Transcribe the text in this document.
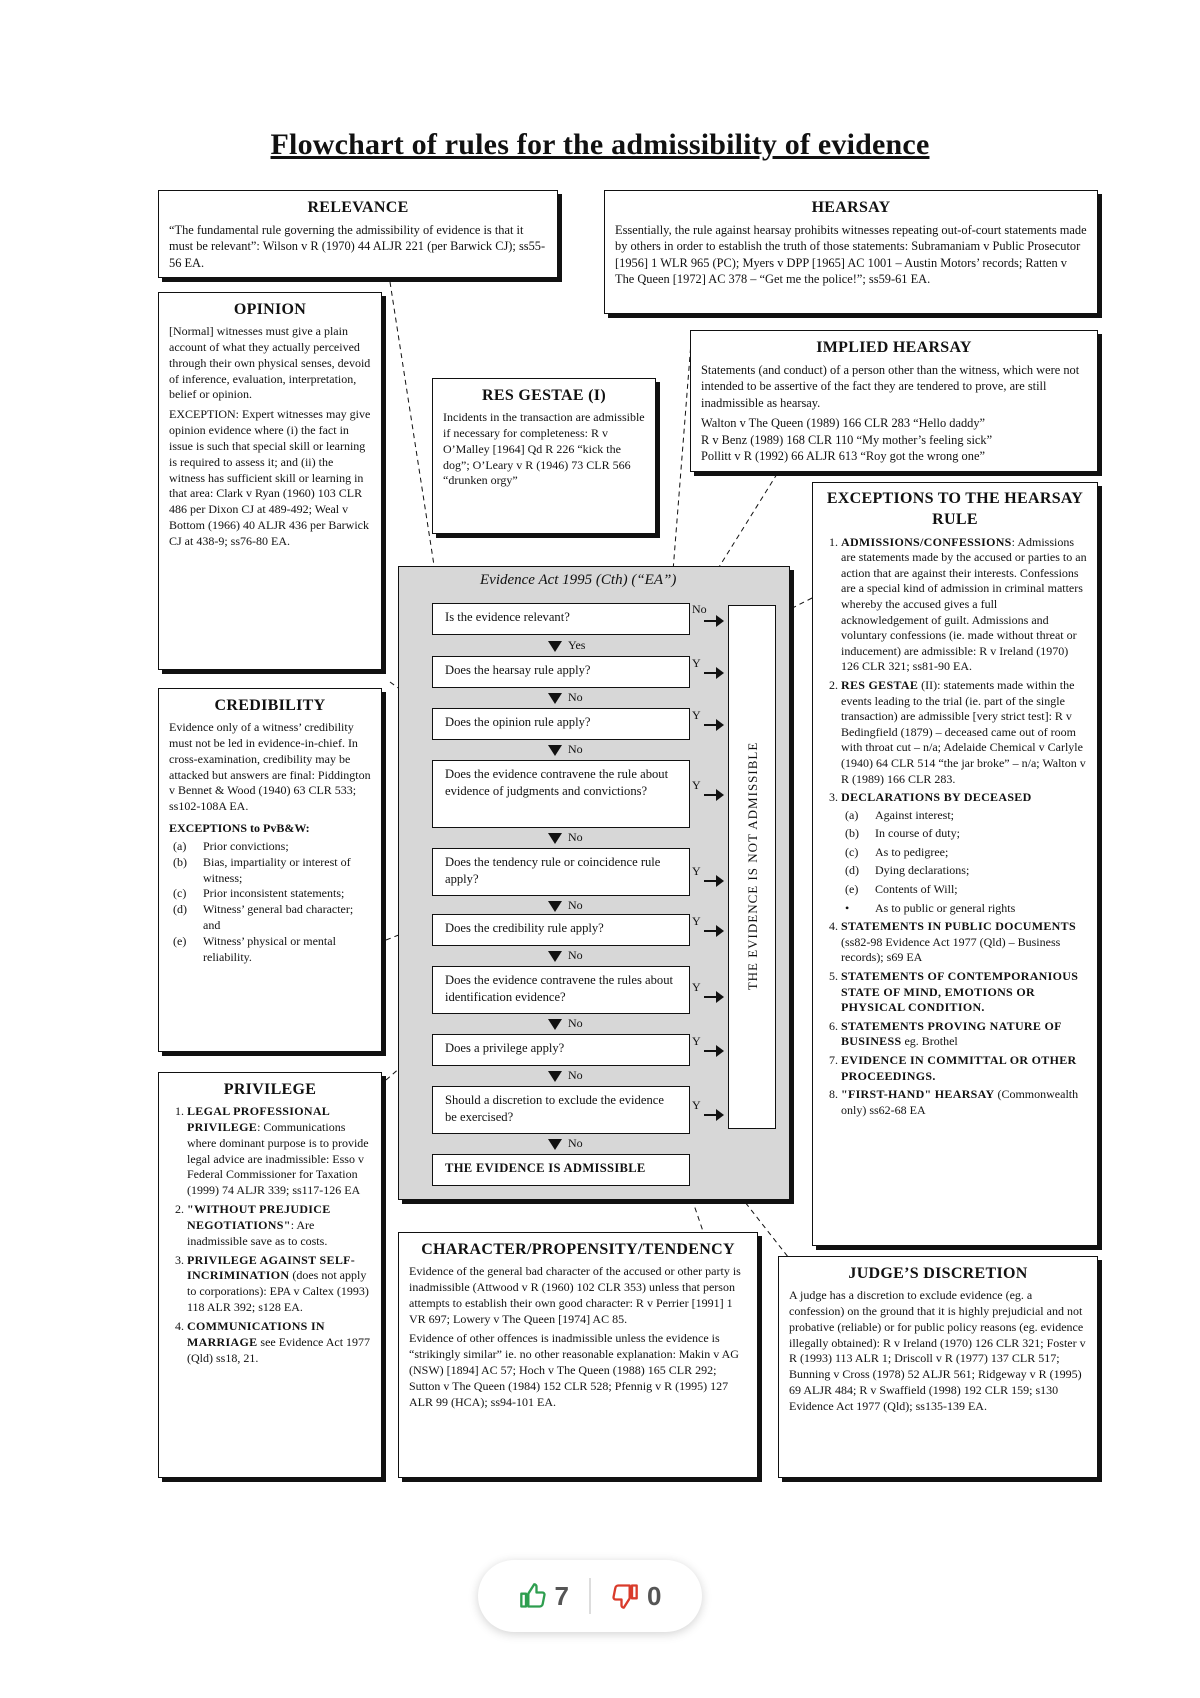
Flowchart of rules for the admissibility of evidence
RELEVANCE

“The fundamental rule governing the admissibility of evidence is that it must be relevant”: Wilson v R (1970) 44 ALJR 221 (per Barwick CJ); ss55-56 EA.

HEARSAY

Essentially, the rule against hearsay prohibits witnesses repeating out-of-court statements made by others in order to establish the truth of those statements: Subramaniam v Public Prosecutor [1956] 1 WLR 965 (PC); Myers v DPP [1965] AC 1001 – Austin Motors’ records; Ratten v The Queen [1972] AC 378 – “Get me the police!”; ss59-61 EA.

OPINION

[Normal] witnesses must give a plain account of what they actually perceived through their own physical senses, devoid of inference, evaluation, interpretation, belief or opinion.

EXCEPTION: Expert witnesses may give opinion evidence where (i) the fact in issue is such that special skill or learning is required to assess it; and (ii) the witness has sufficient skill or learning in that area: Clark v Ryan (1960) 103 CLR 486 per Dixon CJ at 489-492; Weal v Bottom (1966) 40 ALJR 436 per Barwick CJ at 438-9; ss76-80 EA.

RES GESTAE (I)

Incidents in the transaction are admissible if necessary for completeness: R v O’Malley [1964] Qd R 226 “kick the dog”; O’Leary v R (1946) 73 CLR 566 “drunken orgy”

IMPLIED HEARSAY

Statements (and conduct) of a person other than the witness, which were not intended to be assertive of the fact they are tendered to prove, are still inadmissible as hearsay.

Walton v The Queen (1989) 166 CLR 283 “Hello daddy”
R v Benz (1989) 168 CLR 110 “My mother’s feeling sick”
Pollitt v R (1992) 66 ALJR 613 “Roy got the wrong one”
Evidence Act 1995 (Cth) (“EA”)
THE EVIDENCE IS NOT ADMISSIBLE
Is the evidence relevant?
No
Yes
Does the hearsay rule apply?	Y
No
Does the opinion rule apply?	Y
No
Does the evidence contravene the rule about evidence of judgments and convictions?	Y
No
Does the tendency rule or coincidence rule apply?
Y
No
Does the credibility rule apply?	Y
No
Does the evidence contravene the rules about identification evidence?
Y
No
Does a privilege apply?	Y
No
Should a discretion to exclude the evidence be exercised?
Y
No
THE EVIDENCE IS ADMISSIBLE
EXCEPTIONS TO THE HEARSAY RULE
1. ADMISSIONS/CONFESSIONS: Admissions are statements made by the accused or parties to an action that are against their interests. Confessions are a special kind of admission in criminal matters whereby the accused gives a full acknowledgement of guilt. Admissions and voluntary confessions (ie. made without threat or inducement) are admissible: R v Ireland (1970) 126 CLR 321; ss81-90 EA.
2. RES GESTAE (II): statements made within the events leading to the trial (ie. part of the single transaction) are admissible [very strict test]: R v Bedingfield (1879) – deceased came out of room with throat cut – n/a; Adelaide Chemical v Carlyle (1940) 64 CLR 514 “the jar broke” – n/a; Walton v R (1989) 166 CLR 283.
3. DECLARATIONS BY DECEASED
(a)	Against interest;
(b)	In course of duty;
(c)	As to pedigree;
(d)	Dying declarations;
(e)	Contents of Will;
•	As to public or general rights
4. STATEMENTS IN PUBLIC DOCUMENTS (ss82-98 Evidence Act 1977 (Qld) – Business records); s69 EA
5. STATEMENTS OF CONTEMPORANIOUS STATE OF MIND, EMOTIONS OR PHYSICAL CONDITION.
6. STATEMENTS PROVING NATURE OF BUSINESS eg. Brothel
7. EVIDENCE IN COMMITTAL OR OTHER PROCEEDINGS.
8. "FIRST-HAND" HEARSAY (Commonwealth only) ss62-68 EA
CREDIBILITY

Evidence only of a witness’ credibility must not be led in evidence-in-chief. In cross-examination, credibility may be attacked but answers are final: Piddington v Bennet & Wood (1940) 63 CLR 533; ss102-108A EA.

EXCEPTIONS to PvB&W:
(a)	Prior convictions;
(b)	Bias, impartiality or interest of witness;
(c)	Prior inconsistent statements;
(d)	Witness’ general bad character; and
(e)	Witness’ physical or mental reliability.
PRIVILEGE
1. LEGAL PROFESSIONAL PRIVILEGE: Communications where dominant purpose is to provide legal advice are inadmissible: Esso v Federal Commissioner for Taxation (1999) 74 ALJR 339; ss117-126 EA
2. "WITHOUT PREJUDICE NEGOTIATIONS": Are inadmissible save as to costs.
3. PRIVILEGE AGAINST SELF-INCRIMINATION (does not apply to corporations): EPA v Caltex (1993) 118 ALR 392; s128 EA.
4. COMMUNICATIONS IN MARRIAGE see Evidence Act 1977 (Qld) ss18, 21.
CHARACTER/PROPENSITY/TENDENCY

Evidence of the general bad character of the accused or other party is inadmissible (Attwood v R (1960) 102 CLR 353) unless that person attempts to establish their own good character: R v Perrier [1991] 1 VR 697; Lowery v The Queen [1974] AC 85.

Evidence of other offences is inadmissible unless the evidence is “strikingly similar” ie. no other reasonable explanation: Makin v AG (NSW) [1894] AC 57; Hoch v The Queen (1988) 165 CLR 292; Sutton v The Queen (1984) 152 CLR 528; Pfennig v R (1995) 127 ALR 99 (HCA); ss94-101 EA.

JUDGE’S DISCRETION

A judge has a discretion to exclude evidence (eg. a confession) on the ground that it is highly prejudicial and not probative (reliable) or for public policy reasons (eg. evidence illegally obtained): R v Ireland (1970) 126 CLR 321; Foster v R (1993) 113 ALR 1; Driscoll v R (1977) 137 CLR 517; Bunning v Cross (1978) 52 ALJR 561; Ridgeway v R (1995) 69 ALJR 484; R v Swaffield (1998) 192 CLR 159; s130 Evidence Act 1977 (Qld); ss135-139 EA.

7	0
